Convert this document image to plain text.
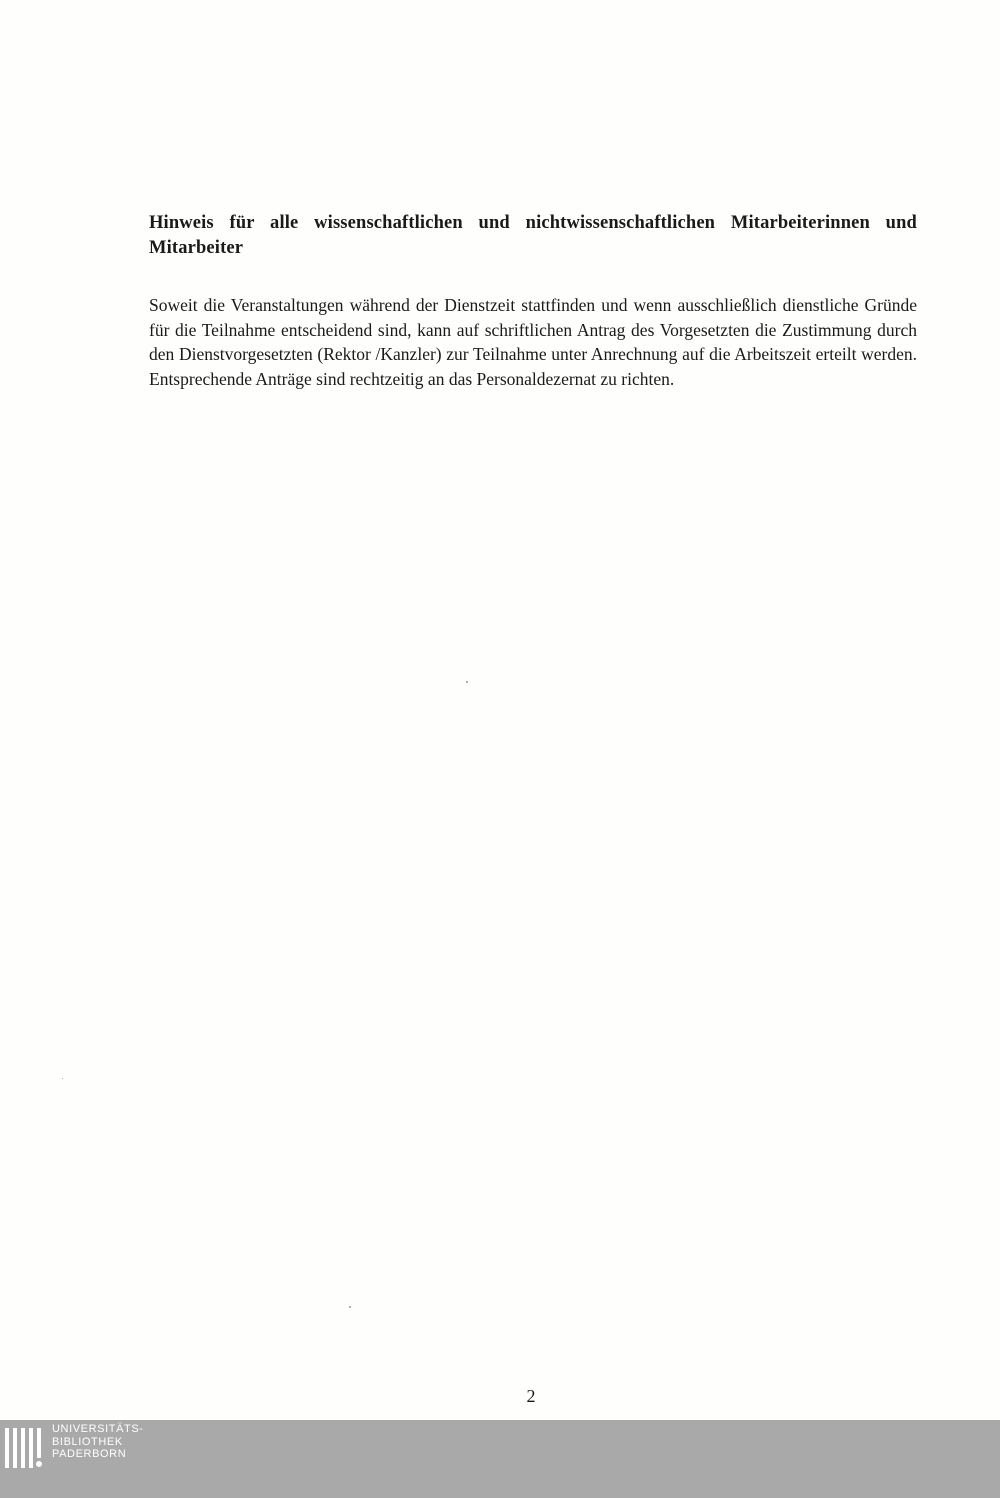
Hinweis für alle wissenschaftlichen und nichtwissenschaftlichen Mitarbeiterinnen und Mitarbeiter

Soweit die Veranstaltungen während der Dienstzeit stattfinden und wenn ausschließlich dienstliche Gründe für die Teilnahme entscheidend sind, kann auf schriftlichen Antrag des Vorgesetzten die Zustimmung durch den Dienstvorgesetzten (Rektor /Kanzler) zur Teilnahme unter Anrechnung auf die Arbeitszeit erteilt werden. Entsprechende Anträge sind rechtzeitig an das Personaldezernat zu richten.

2
UNIVERSITÄTS-
BIBLIOTHEK
PADERBORN
